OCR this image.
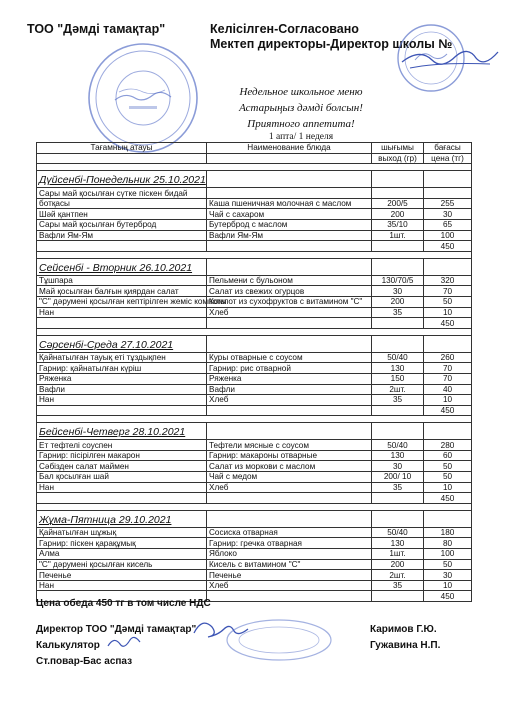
ТОО "Дәмді тамақтар"	Келісілген-Согласовано
Мектеп директоры-Директор школы №
Недельное школьное меню
Астарыңыз дәмді болсын!
Приятного аппетита!
1 апта/ 1 неделя
Тағамның атауы	Наименование блюда	шығымы	бағасы
		выход (гр)	цена (тг)

Дүйсенбі-Понедельник 25.10.2021			
Сары май қосылған сүтке піскен бидай			
ботқасы	Каша пшеничная молочная с маслом	200/5	255
Шәй қантпен	Чай с сахаром	200	30
Сары май қосылған бутерброд	Бутерброд с маслом	35/10	65
Вафли Ям-Ям	Вафли Ям-Ям	1шт.	100
			450

Сейсенбі - Вторник 26.10.2021			
Тұшпара	Пельмени с бульоном	130/70/5	320
Май қосылған балғын қиярдан салат	Салат из свежих огурцов	30	70
"С" дәрумені қосылған кептірілген жеміс компоты	Компот из сухофруктов с витамином "С"	200	50
Нан	Хлеб	35	10
			450

Сәрсенбі-Среда 27.10.2021			
Қайнатылған тауық еті тұздықпен	Куры отварные с соусом	50/40	260
Гарнир: қайнатылған күріш	Гарнир: рис отварной	130	70
Ряженка	Ряженка	150	70
Вафли	Вафли	2шт.	40
Нан	Хлеб	35	10
			450

Бейсенбі-Четверг 28.10.2021			
Ет тефтелі соуспен	Тефтели мясные с соусом	50/40	280
Гарнир: пісірілген макарон	Гарнир: макароны отварные	130	60
Сәбізден салат маймен	Салат из моркови с маслом	30	50
Бал қосылған шай	Чай с медом	200/ 10	50
Нан	Хлеб	35	10
			450

Жұма-Пятница 29.10.2021			
Қайнатылған шұжық	Сосиска отварная	50/40	180
Гарнир: піскен қарақұмық	Гарнир: гречка отварная	130	80
Алма	Яблоко	1шт.	100
"С" дәрумені қосылған кисель	Кисель с витамином "С"	200	50
Печенье	Печенье	2шт.	30
Нан	Хлеб	35	10
			450
Цена обеда 450 тг в том числе НДС
Директор ТОО "Дәмді тамақтар"	Каримов Г.Ю.
Калькулятор	Гужавина Н.П.
Ст.повар-Бас аспаз
